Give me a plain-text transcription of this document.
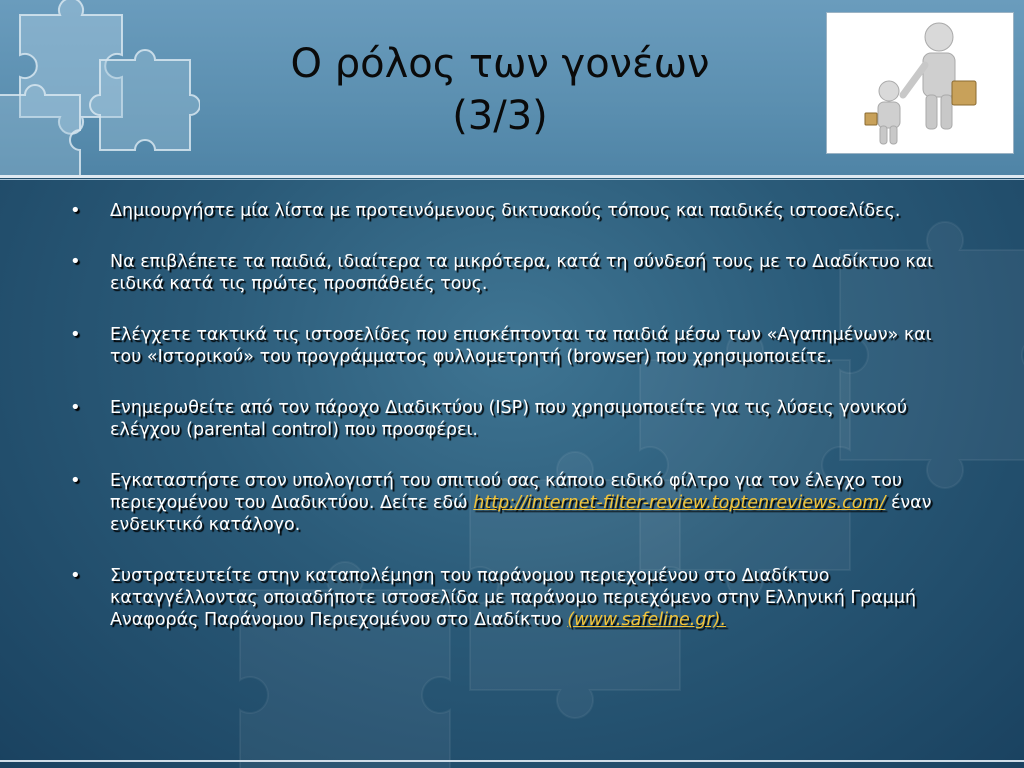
Ο ρόλος των γονέων
(3/3)
• Δημιουργήστε μία λίστα με προτεινόμενους δικτυακούς τόπους και παιδικές ιστοσελίδες.
• Να επιβλέπετε τα παιδιά, ιδιαίτερα τα μικρότερα, κατά τη σύνδεσή τους με το Διαδίκτυο και ειδικά κατά τις πρώτες προσπάθειές τους.
• Ελέγχετε τακτικά τις ιστοσελίδες που επισκέπτονται τα παιδιά μέσω των «Αγαπημένων» και του «Ιστορικού» του προγράμματος φυλλομετρητή (browser) που χρησιμοποιείτε.
• Ενημερωθείτε από τον πάροχο Διαδικτύου (ISP) που χρησιμοποιείτε για τις λύσεις γονικού ελέγχου (parental control) που προσφέρει.
• Εγκαταστήστε στον υπολογιστή του σπιτιού σας κάποιο ειδικό φίλτρο για τον έλεγχο του περιεχομένου του Διαδικτύου. Δείτε εδώ http://internet-filter-review.toptenreviews.com/ έναν ενδεικτικό κατάλογο.
• Συστρατευτείτε στην καταπολέμηση του παράνομου περιεχομένου στο Διαδίκτυο καταγγέλλοντας οποιαδήποτε ιστοσελίδα με παράνομο περιεχόμενο στην Ελληνική Γραμμή Αναφοράς Παράνομου Περιεχομένου στο Διαδίκτυο (www.safeline.gr).
